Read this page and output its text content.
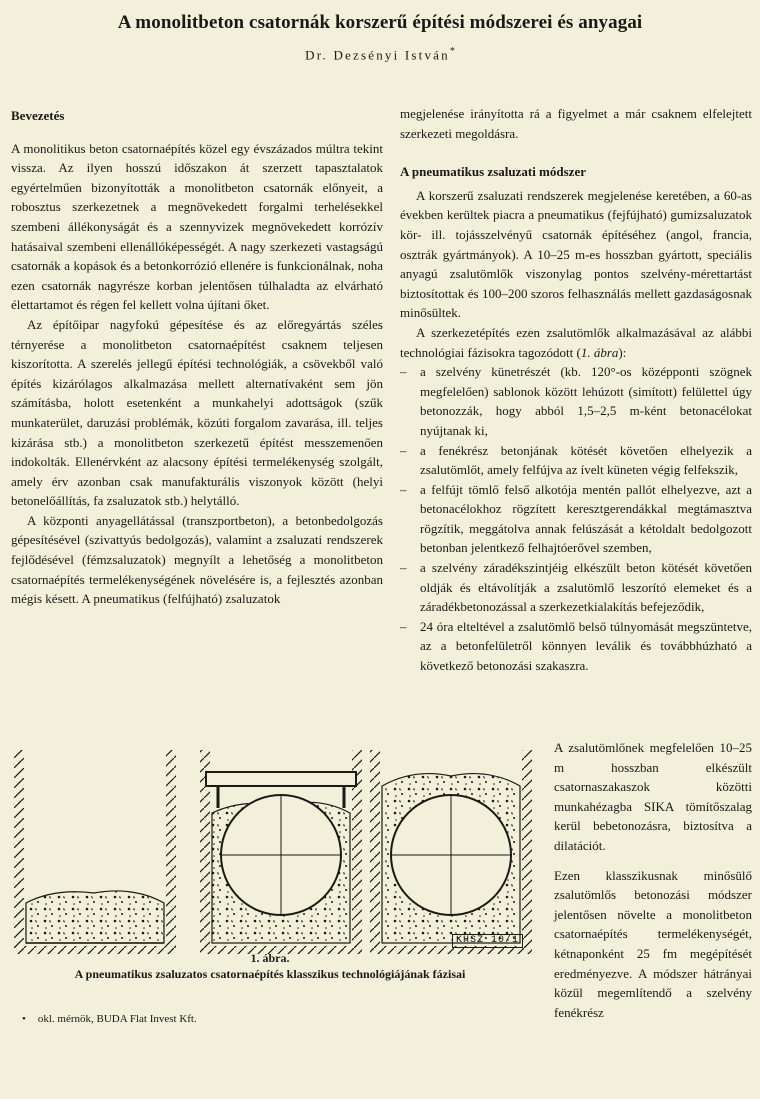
A monolitbeton csatornák korszerű építési módszerei és anyagai
Dr. Dezsényi István*
Bevezetés

A monolitikus beton csatornaépítés közel egy évszázados múltra tekint vissza. Az ilyen hosszú időszakon át szerzett tapasztalatok egyértelműen bizonyították a monolitbeton csatornák előnyeit, a robosztus szerkezetnek a megnövekedett forgalmi terhelésekkel szembeni állékonyságát és a szennyvizek megnövekedett korrózív hatásaival szembeni ellenállóképességét. A nagy szerkezeti vastagságú csatornák a kopások és a betonkorrózió ellenére is funkcionálnak, noha ezen csatornák nagyrésze korban jelentősen túlhaladta az elvárható élettartamot és régen fel kellett volna újítani őket.

Az építőipar nagyfokú gépesítése és az előregyártás széles térnyerése a monolitbeton csatornaépítést csaknem teljesen kiszorította. A szerelés jellegű építési technológiák, a csövekből való építés kizárólagos alkalmazása mellett alternatívaként sem jön számításba, holott esetenként a munkahelyi adottságok (szűk munkaterület, daruzási problémák, közúti forgalom zavarása, ill. teljes kizárása stb.) a monolitbeton szerkezetű építést messzemenően indokolták. Ellenérvként az alacsony építési termelékenység szolgált, amely érv azonban csak manufakturális viszonyok között (helyi betonelőállítás, fa zsaluzatok stb.) helytálló.

A központi anyagellátással (transzportbeton), a betonbedolgozás gépesítésével (szivattyús bedolgozás), valamint a zsaluzati rendszerek fejlődésével (fémzsaluzatok) megnyílt a lehetőség a monolitbeton csatornaépítés termelékenységének növelésére is, a fejlesztés azonban mégis késett. A pneumatikus (felfújható) zsaluzatok

megjelenése irányította rá a figyelmet a már csaknem elfelejtett szerkezeti megoldásra.

A pneumatikus zsaluzati módszer

A korszerű zsaluzati rendszerek megjelenése keretében, a 60-as években kerültek piacra a pneumatikus (fejfújható) gumizsaluzatok kör- ill. tojásszelvényű csatornák építéséhez (angol, francia, osztrák gyártmányok). A 10–25 m-es hosszban gyártott, speciális anyagú zsalutömlők viszonylag pontos szelvény-mérettartást biztosítottak és 100–200 szoros felhasználás mellett gazdaságosnak minősültek.

A szerkezetépítés ezen zsalutömlők alkalmazásával az alábbi technológiai fázisokra tagozódott (1. ábra):

– a szelvény künetrészét (kb. 120°-os középponti szögnek megfelelően) sablonok között lehúzott (simított) felülettel úgy betonozzák, hogy abból 1,5–2,5 m-ként betonacélokat nyújtanak ki,
– a fenékrész betonjának kötését követően elhelyezik a zsalutömlőt, amely felfújva az ívelt küneten végig felfekszik,
– a felfújt tömlő felső alkotója mentén pallót elhelyezve, azt a betonacélokhoz rögzített keresztgerendákkal megtámasztva rögzítik, meggátolva annak felúszását a kétoldalt bedolgozott betonban jelentkező felhajtóerővel szemben,
– a szelvény záradékszintjéig elkészült beton kötését követően oldják és eltávolítják a zsalutömlő leszorító elemeket és a záradékbetonozással a szerkezetkialakítás befejeződik,
– 24 óra elteltével a zsalutömlő belső túlnyomását megszüntetve, az a betonfelületről könnyen leválik és továbbhúzható a következő betonozási szakaszra.
KHSZ 10/1
1. ábra.
A pneumatikus zsaluzatos csatornaépítés klasszikus technológiájának fázisai

A zsalutömlőnek megfelelően 10–25 m hosszban elkészült csatornaszakaszok közötti munkahézagba SIKA tömítőszalag kerül bebetonozásra, biztosítva a dilatációt.

Ezen klasszikusnak minősülő zsalutömlős betonozási módszer jelentősen növelte a monolitbeton csatornaépítés termelékenységét, kétnaponként 25 fm megépítését eredményezve. A módszer hátrányai közül megemlítendő a szelvény fenékrész

• okl. mérnök, BUDA Flat Invest Kft.
